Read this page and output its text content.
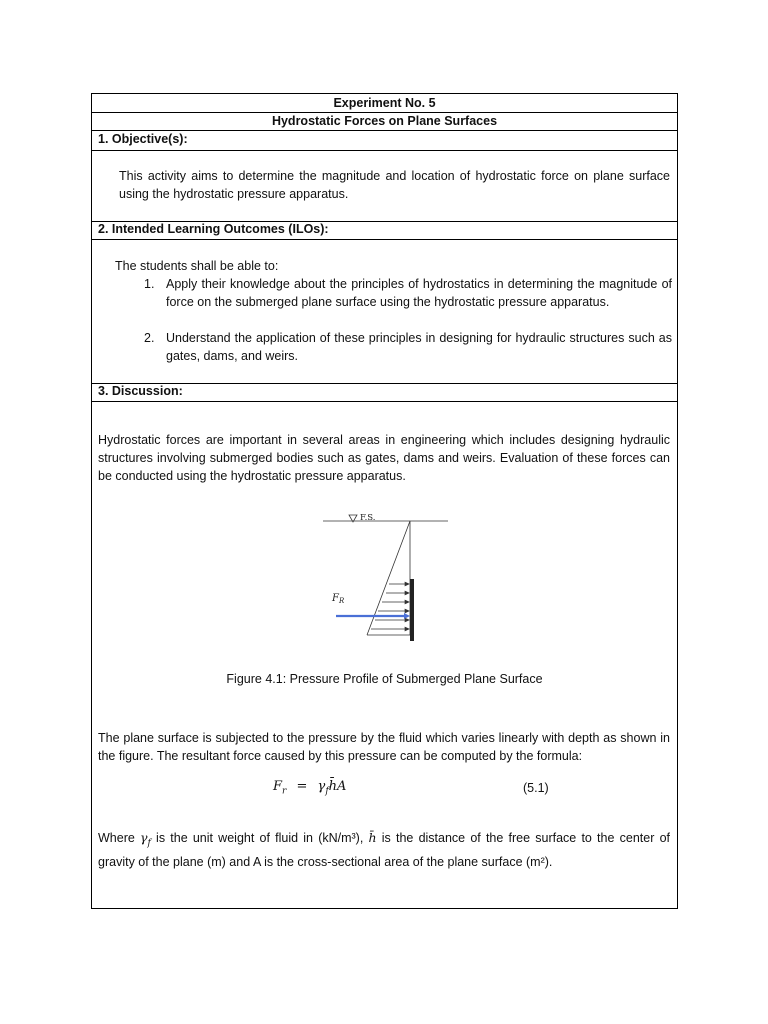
Experiment No. 5
Hydrostatic Forces on Plane Surfaces
1. Objective(s):
This activity aims to determine the magnitude and location of hydrostatic force on plane surface using the hydrostatic pressure apparatus.
2. Intended Learning Outcomes (ILOs):
The students shall be able to:
1. Apply their knowledge about the principles of hydrostatics in determining the magnitude of force on the submerged plane surface using the hydrostatic pressure apparatus.
2. Understand the application of these principles in designing for hydraulic structures such as gates, dams, and weirs.
3. Discussion:
Hydrostatic forces are important in several areas in engineering which includes designing hydraulic structures involving submerged bodies such as gates, dams and weirs. Evaluation of these forces can be conducted using the hydrostatic pressure apparatus.
F.S.
$F_R$
Figure 4.1: Pressure Profile of Submerged Plane Surface
The plane surface is subjected to the pressure by the fluid which varies linearly with depth as shown in the figure. The resultant force caused by this pressure can be computed by the formula:
$F_r$ = $\gamma_fh̄A$	(5.1)
Where $\gamma_f$ is the unit weight of fluid in (kN/m³), h̄ is the distance of the free surface to the center of gravity of the plane (m) and A is the cross-sectional area of the plane surface (m²).
